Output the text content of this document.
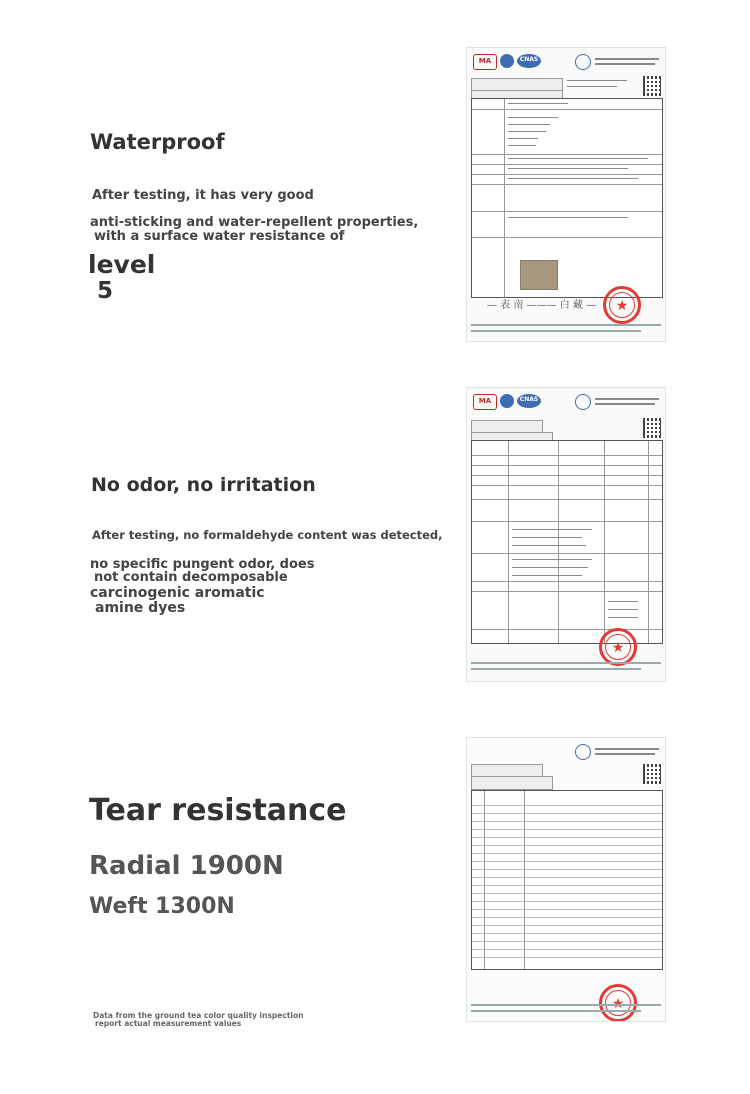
Waterproof
After testing, it has very good
anti-sticking and water-repellent properties,
with a surface water resistance of
level
5
MA	CNAS
— 表 南 ——— 白 藏 —	★
No odor, no irritation
After testing, no formaldehyde content was detected,
no specific pungent odor, does
not contain decomposable
carcinogenic aromatic
amine dyes
MA	CNAS
★
Tear resistance
Radial 1900N
Weft 1300N
Data from the ground tea color quality inspection
report actual measurement values
